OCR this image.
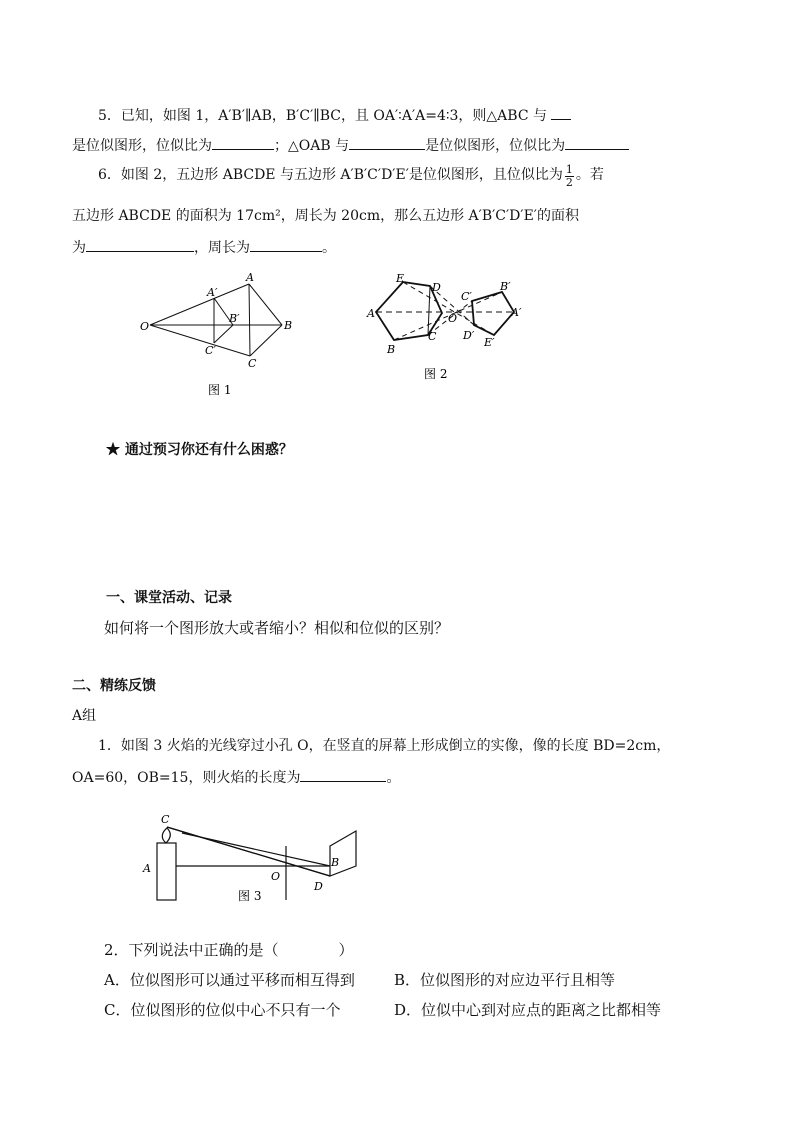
5．已知，如图 1，A′B′∥AB，B′C′∥BC，且 OA′∶A′A=4∶3，则△ABC 与
是位似图形，位似比为	；△OAB 与	是位似图形，位似比为
6．如图 2，五边形 ABCDE 与五边形 A′B′C′D′E′是位似图形，且位似比为 $\frac{1}{2}$ 。若
五边形 ABCDE 的面积为 17cm²，周长为 20cm，那么五边形 A′B′C′D′E′的面积
为	，周长为	。
O
A
A′
B
B′
C
C′
图 1
E
D
A
C
B
O
C′
B′
A′
D′
E′
图 2
★ 通过预习你还有什么困惑？
一、课堂活动、记录
如何将一个图形放大或者缩小？相似和位似的区别？
二、精练反馈
A组
1．如图 3 火焰的光线穿过小孔 O，在竖直的屏幕上形成倒立的实像，像的长度 BD=2cm，
OA=60，OB=15，则火焰的长度为	。
C
A
O
B
D
图 3
2．下列说法中正确的是（　　　　）
A．位似图形可以通过平移而相互得到	B．位似图形的对应边平行且相等
C．位似图形的位似中心不只有一个	D．位似中心到对应点的距离之比都相等
